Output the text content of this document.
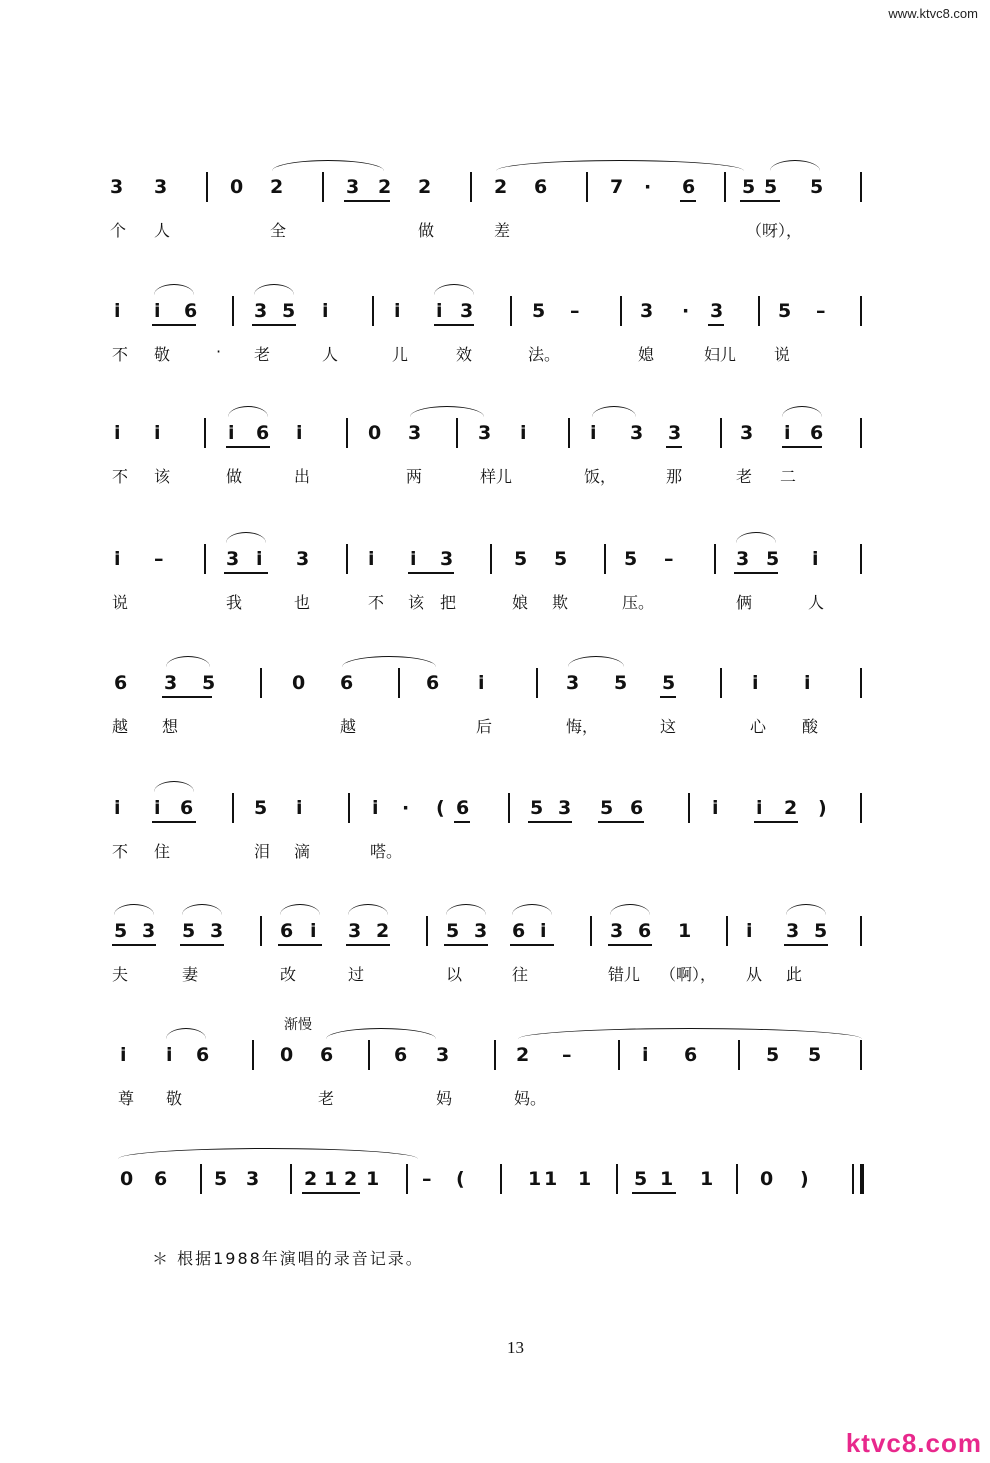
www.ktvc8.com
3 3	0 2	3 2 2	2 6	7 · 6 5 5 5
个 人	全	做	差	（呀），
i i 6	3 5 i	i i 3	5 –	3 · 3	5 –
不 敬	· 老	人	儿	效	法。	媳	妇儿 说
i i	i 6 i	0 3	3 i	i 3 3	3 i 6
不 该	做	出	两	样儿	饭，	那	老 二
i –	3 i 3	i i 3	5 5	5 –	3 5 i
说	我	也	不 该 把	娘 欺	压。	俩	人
6 3 5	0 6	6 i	3 5 5	i i
越 想	越	后	悔，	这	心 酸
i i 6	5 i	i · ( 6	5 3 5 6	i i 2 )
不 住	泪 滴	嗒。
5 3 5 3	6 i 3 2	5 3 6 i	3 6 1	i 3 5
夫	妻	改	过	以	往	错儿 （啊）， 从 此
渐慢
i i 6	0 6	6 3	2 –	i 6	5 5
尊 敬	老	妈	妈。
0 6 5 3 2 1 2 1 – (	1 1 1 5 1 1 0 )
＊ 根据1988年演唱的录音记录。
13
ktvc8.com
